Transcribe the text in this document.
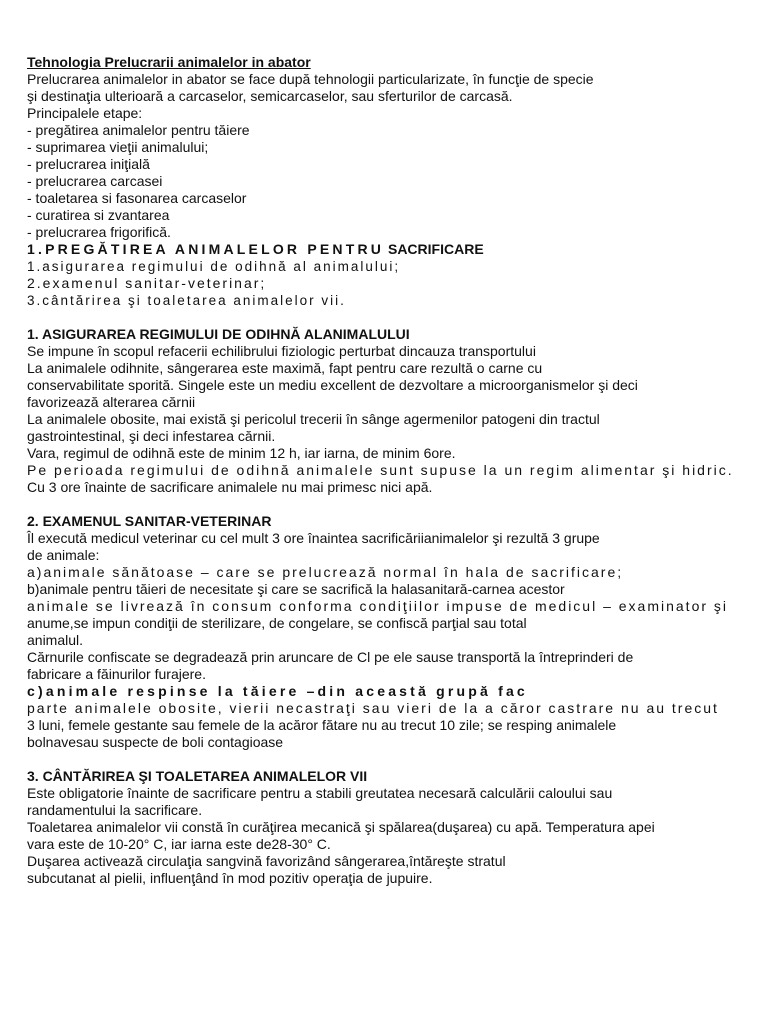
Tehnologia Prelucrarii animalelor in abator

Prelucrarea animalelor in abator se face după tehnologii particularizate, în funcţie de specie

şi destinaţia ulterioară a carcaselor, semicarcaselor, sau sferturilor de carcasă.

Principalele etape:

- pregătirea animalelor pentru tăiere

- suprimarea vieţii animalului;

- prelucrarea iniţială

- prelucrarea carcasei

- toaletarea si fasonarea carcaselor

- curatirea si zvantarea

- prelucrarea frigorifică.

1.PREGĂTIREA ANIMALELOR PENTRU SACRIFICARE

1.asigurarea regimului de odihnă al animalului;

2.examenul sanitar-veterinar;

3.cântărirea şi toaletarea animalelor vii.

1. ASIGURAREA REGIMULUI DE ODIHNĂ ALANIMALULUI

Se impune în scopul refacerii echilibrului fiziologic perturbat dincauza transportului

La animalele odihnite, sângerarea este maximă, fapt pentru care rezultă o carne cu

conservabilitate sporită. Singele este un mediu excellent de dezvoltare a microorganismelor şi deci

favorizează alterarea cărnii

La animalele obosite, mai există şi pericolul trecerii în sânge agermenilor patogeni din tractul

gastrointestinal, şi deci infestarea cărnii.

Vara, regimul de odihnă este de minim 12 h, iar iarna, de minim 6ore.

Pe perioada regimului de odihnă animalele sunt supuse la un regim alimentar şi hidric.

Cu 3 ore înainte de sacrificare animalele nu mai primesc nici apă.

2. EXAMENUL SANITAR-VETERINAR

Îl execută medicul veterinar cu cel mult 3 ore înaintea sacrificăriianimalelor şi rezultă 3 grupe

de animale:

a)animale sănătoase – care se prelucrează normal în hala de sacrificare;

b)animale pentru tăieri de necesitate şi care se sacrifică la halasanitară-carnea acestor

animale se livrează în consum conforma condiţiilor impuse de medicul – examinator şi

anume,se impun condiţii de sterilizare, de congelare, se confiscă parţial sau total

animalul.

Cărnurile confiscate se degradează prin aruncare de Cl pe ele sause transportă la întreprinderi de

fabricare a făinurilor furajere.

c)animale respinse la tăiere –din această grupă fac

parte animalele obosite, vierii necastraţi sau vieri de la a căror castrare nu au trecut

3 luni, femele gestante sau femele de la acăror fătare nu au trecut 10 zile; se resping animalele

bolnavesau suspecte de boli contagioase

3. CÂNTĂRIREA ŞI TOALETAREA ANIMALELOR VII

Este obligatorie înainte de sacrificare pentru a stabili greutatea necesară calculării caloului sau

randamentului la sacrificare.

Toaletarea animalelor vii constă în curăţirea mecanică şi spălarea(duşarea) cu apă. Temperatura apei

vara este de 10-20° C, iar iarna este de28-30° C.

Duşarea activează circulaţia sangvină favorizând sângerarea,întăreşte stratul

subcutanat al pielii, influenţând în mod pozitiv operaţia de jupuire.
